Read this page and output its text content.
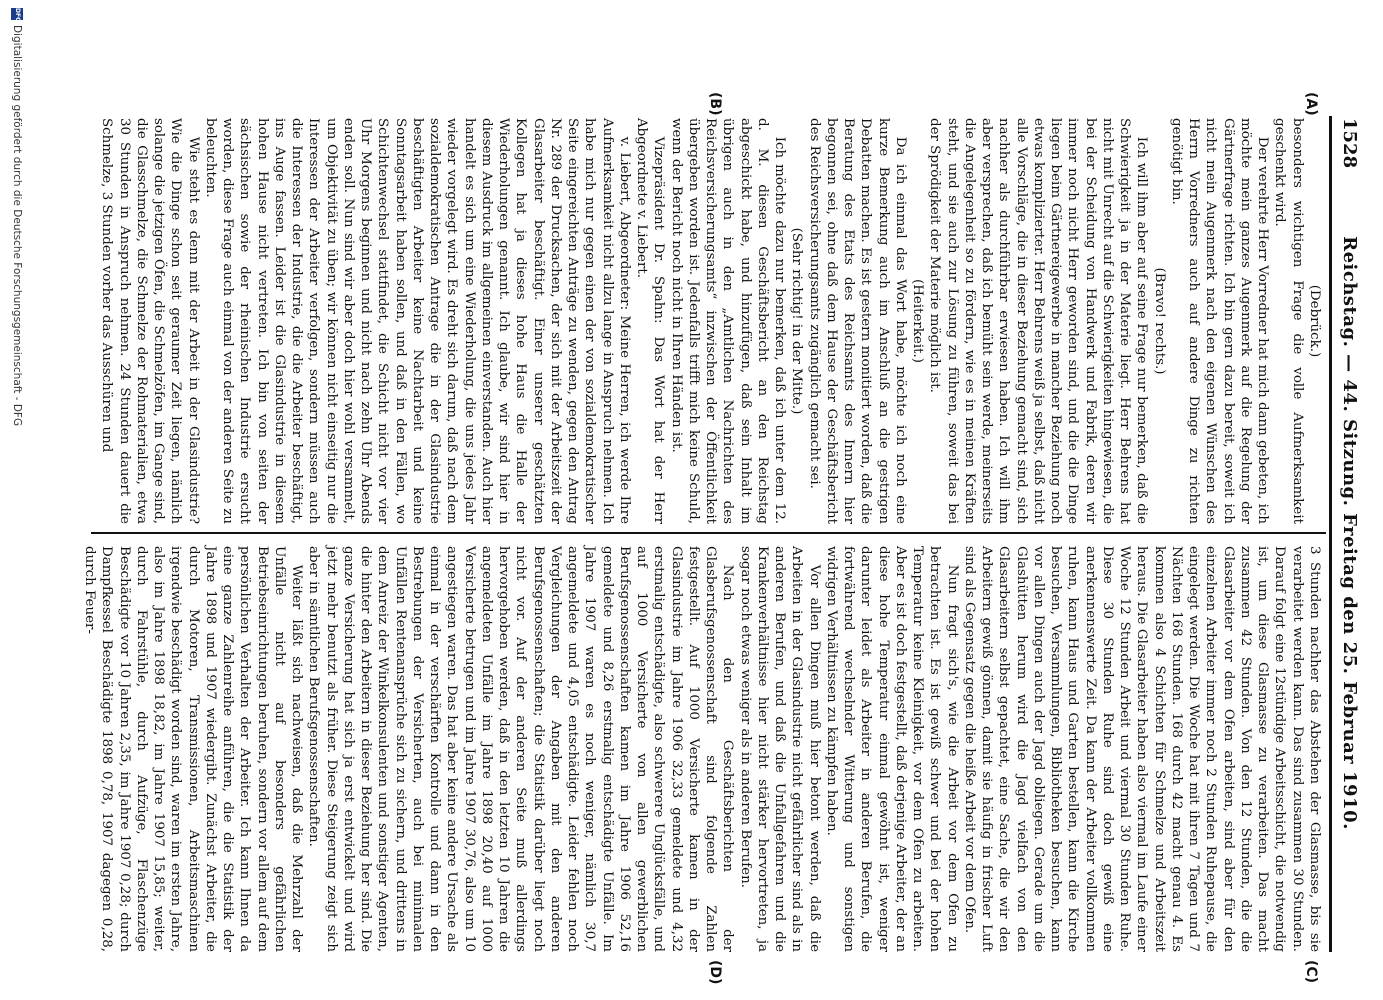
1528
Reichstag. — 44. Sitzung. Freitag den 25. Februar 1910.
(A)
(B)
(C)
(D)

(Debrück.)

besonders wichtigen Frage die volle Aufmerksamkeit geschenkt wird.

Der verehrte Herr Vorredner hat mich dann gebeten, ich möchte mein ganzes Augenmerk auf die Regelung der Gärtnerfrage richten. Ich bin gern dazu bereit, soweit ich nicht mein Augenmerk nach den eigenen Wünschen des Herrn Vorredners auch auf andere Dinge zu richten genötigt bin.

(Bravo! rechts.)

Ich will ihm aber auf seine Frage nur bemerken, daß die Schwierigkeit ja in der Materie liegt. Herr Behrens hat nicht mit Unrecht auf die Schwierigkeiten hingewiesen, die bei der Scheidung von Handwerk und Fabrik, deren wir immer noch nicht Herr geworden sind, und die die Dinge liegen beim Gärtnereigewerbe in mancher Beziehung noch etwas komplizierter. Herr Behrens weiß ja selbst, daß nicht alle Vorschläge, die in dieser Beziehung gemacht sind, sich nachher als durchführbar erwiesen haben. Ich will ihm aber versprechen, daß ich bemüht sein werde, meinerseits die Angelegenheit so zu fördern, wie es in meinen Kräften steht, und sie auch zur Lösung zu führen, soweit das bei der Sprödigkeit der Materie möglich ist.

(Heiterkeit.)

Da ich einmal das Wort habe, möchte ich noch eine kurze Bemerkung auch im Anschluß an die gestrigen Debatten machen. Es ist gestern monitiert worden, daß die Beratung des Etats des Reichsamts des Innern hier begonnen sei, ohne daß dem Hause der Geschäftsbericht des Reichsversicherungsamts zugänglich gemacht sei.

(Sehr richtig! in der Mitte.)

Ich möchte dazu nur bemerken, daß ich unter dem 12. d. M. diesen Geschäftsbericht an den Reichstag abgeschickt habe, und hinzufügen, daß sein Inhalt im übrigen auch in den „Amtlichen Nachrichten des Reichsversicherungsamts“ inzwischen der Öffentlichkeit übergeben worden ist. Jedenfalls trifft mich keine Schuld, wenn der Bericht noch nicht in Ihren Händen ist.

Vizepräsident Dr. Spahn: Das Wort hat der Herr Abgeordnete v. Liebert.

v. Liebert, Abgeordneter: Meine Herren, ich werde Ihre Aufmerksamkeit nicht allzu lange in Anspruch nehmen. Ich habe mich nur gegen einen der von sozialdemokratischer Seite eingereichten Anträge zu wenden, gegen den Antrag Nr. 289 der Drucksachen, der sich mit der Arbeitszeit der Glasarbeiter beschäftigt. Einer unserer geschätzten Kollegen hat ja dieses hohe Haus die Halle der Wiederholungen genannt. Ich glaube, wir sind hier in diesem Ausdruck im allgemeinen einverstanden. Auch hier handelt es sich um eine Wiederholung, die uns jedes Jahr wieder vorgelegt wird. Es dreht sich darum, daß nach dem sozialdemokratischen Antrage die in der Glasindustrie beschäftigten Arbeiter keine Nachtarbeit und keine Sonntagsarbeit haben sollen, und daß in den Fällen, wo Schichtenwechsel stattfindet, die Schicht nicht vor vier Uhr Morgens beginnen und nicht nach zehn Uhr Abends enden soll. Nun sind wir aber doch hier wohl versammelt, um Objektivität zu üben; wir können nicht einseitig nur die Interessen der Arbeiter verfolgen, sondern müssen auch die Interessen der Industrie, die die Arbeiter beschäftigt, ins Auge fassen. Leider ist die Glasindustrie in diesem hohen Hause nicht vertreten. Ich bin von seiten der sächsischen sowie der rheinischen Industrie ersucht worden, diese Frage auch einmal von der anderen Seite zu beleuchten.

Wie steht es denn mit der Arbeit in der Glasindustrie? Wie die Dinge schon seit geraumer Zeit liegen, nämlich solange die jetzigen Öfen, die Schmelzöfen, im Gange sind, die Glasschmelze, die Schmelze der Rohmaterialien, etwa 30 Stunden in Anspruch nehmen. 24 Stunden dauert die Schmelze, 3 Stunden vorher das Ausschüren und

3 Stunden nachher das Abstehen der Glasmasse, bis sie verarbeitet werden kann. Das sind zusammen 30 Stunden. Darauf folgt eine 12stündige Arbeitsschicht, die notwendig ist, um diese Glasmasse zu verarbeiten. Das macht zusammen 42 Stunden. Von den 12 Stunden, die die Glasarbeiter vor dem Ofen arbeiten, sind aber für den einzelnen Arbeiter immer noch 2 Stunden Ruhepause, die eingelegt werden. Die Woche hat mit ihren 7 Tagen und 7 Nächten 168 Stunden. 168 durch 42 macht genau 4. Es kommen also 4 Schichten für Schmelze und Arbeitszeit heraus. Die Glasarbeiter haben also viermal im Laufe einer Woche 12 Stunden Arbeit und viermal 30 Stunden Ruhe. Diese 30 Stunden Ruhe sind doch gewiß eine anerkennenswerte Zeit. Da kann der Arbeiter vollkommen ruhen, kann Haus und Garten bestellen, kann die Kirche besuchen, Versammlungen, Bibliotheken besuchen, kann vor allen Dingen auch der Jagd obliegen. Gerade um die Glashütten herum wird die Jagd vielfach von den Glasarbeitern selbst gepachtet, eine Sache, die wir den Arbeitern gewiß gönnen, damit sie häufig in frischer Luft sind als Gegensatz gegen die heiße Arbeit vor dem Ofen.

Nun fragt sich's, wie die Arbeit vor dem Ofen zu betrachten ist. Es ist gewiß schwer und bei der hohen Temperatur keine Kleinigkeit, vor dem Ofen zu arbeiten. Aber es ist doch festgestellt, daß derjenige Arbeiter, der an diese hohe Temperatur einmal gewöhnt ist, weniger darunter leidet als Arbeiter in anderen Berufen, die fortwährend wechselnder Witterung und sonstigen widrigen Verhältnissen zu kämpfen haben.

Vor allen Dingen muß hier betont werden, daß die Arbeiten in der Glasindustrie nicht gefährlicher sind als in anderen Berufen, und daß die Unfallgefahren und die Krankenverhältnisse hier nicht stärker hervortreten, ja sogar noch etwas weniger als in anderen Berufen.

Nach den Geschäftsberichten der Glasberufsgenossenschaft sind folgende Zahlen festgestellt. Auf 1000 Versicherte kamen in der Glasindustrie im Jahre 1906 32,33 gemeldete und 4,32 erstmalig entschädigte, also schwerere Unglücksfälle, und auf 1000 Versicherte von allen gewerblichen Berufsgenossenschaften kamen im Jahre 1906 52,16 gemeldete und 8,26 erstmalig entschädigte Unfälle. Im Jahre 1907 waren es noch weniger, nämlich 30,7 angemeldete und 4,05 entschädigte. Leider fehlen noch Vergleichungen der Angaben mit den anderen Berufsgenossenschaften; die Statistik darüber liegt noch nicht vor. Auf der anderen Seite muß allerdings hervorgehoben werden, daß in den letzten 10 Jahren die angemeldeten Unfälle im Jahre 1898 20,40 auf 1000 Versicherte betrugen und im Jahre 1907 30,76, also um 10 angestiegen waren. Das hat aber keine andere Ursache als einmal in der verschärften Kontrolle und dann in den Bestrebungen der Versicherten, auch bei minimalen Unfällen Rentenansprüche sich zu sichern, und drittens in dem Anreiz der Winkelkonsulenten und sonstiger Agenten, die hinter den Arbeitern in dieser Beziehung her sind. Die ganze Versicherung hat sich ja erst entwickelt und wird jetzt mehr benutzt als früher. Diese Steigerung zeigt sich aber in sämtlichen Berufsgenossenschaften.

Weiter läßt sich nachweisen, daß die Mehrzahl der Unfälle nicht auf besonders gefährlichen Betriebseinrichtungen beruhen, sondern vor allem auf dem persönlichen Verhalten der Arbeiter. Ich kann Ihnen da eine ganze Zahlenreihe anführen, die die Statistik der Jahre 1898 und 1907 wiedergibt. Zunächst Arbeiter, die durch Motoren, Transmissionen, Arbeitsmaschinen irgendwie beschädigt worden sind, waren im ersten Jahre, also im Jahre 1898 18,82, im Jahre 1907 15,85; weiter, durch Fahrstühle, durch Aufzüge, Flaschenzüge Beschädigte vor 10 Jahren 2,35, im Jahre 1907 0,28; durch Dampfkessel Beschädigte 1898 0,78, 1907 dagegen 0,28, durch Feuer-

DFG
Digitalisierung gefördert durch die Deutsche Forschungsgemeinschaft - DFG
